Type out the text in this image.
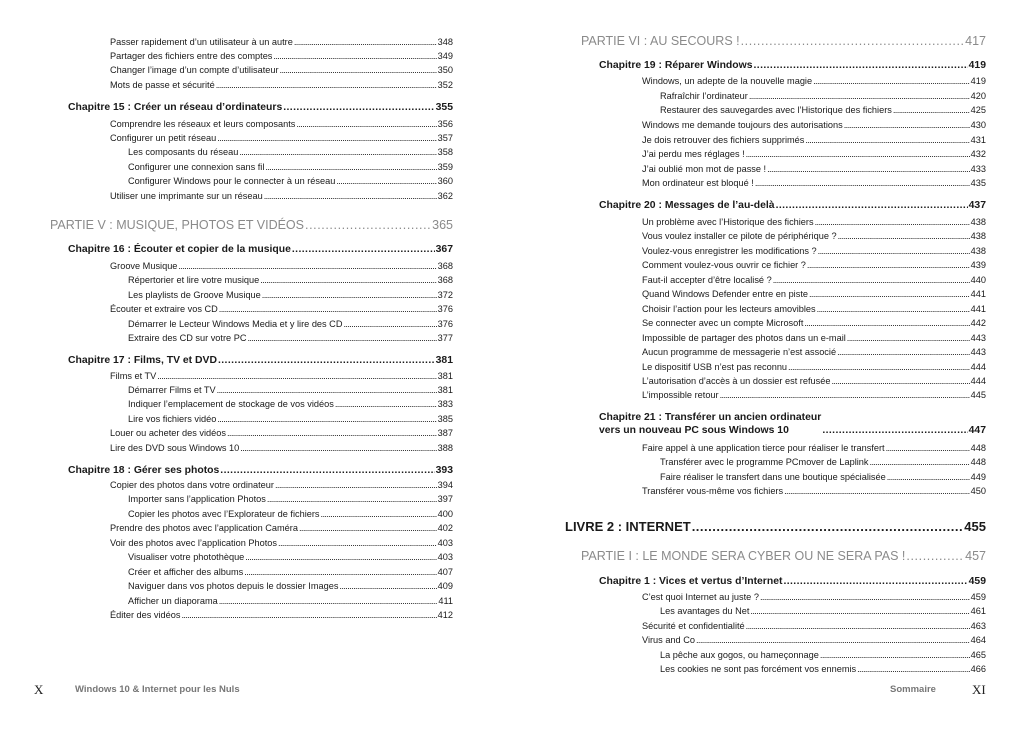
Passer rapidement d’un utilisateur à un autre .....	348
Partager des fichiers entre des comptes .....	349
Changer l’image d’un compte d’utilisateur .....	350
Mots de passe et sécurité .....	352
Chapitre 15 : Créer un réseau d’ordinateurs .....	355
Comprendre les réseaux et leurs composants .....	356
Configurer un petit réseau .....	357
Les composants du réseau .....	358
Configurer une connexion sans fil .....	359
Configurer Windows pour le connecter à un réseau .....	360
Utiliser une imprimante sur un réseau .....	362
PARTIE V : MUSIQUE, PHOTOS ET VIDÉOS .....	365
Chapitre 16 : Écouter et copier de la musique .....	367
Groove Musique .....	368
Répertorier et lire votre musique .....	368
Les playlists de Groove Musique .....	372
Écouter et extraire vos CD .....	376
Démarrer le Lecteur Windows Media et y lire des CD .....	376
Extraire des CD sur votre PC .....	377
Chapitre 17 : Films, TV et DVD .....	381
Films et TV .....	381
Démarrer Films et TV .....	381
Indiquer l’emplacement de stockage de vos vidéos .....	383
Lire vos fichiers vidéo .....	385
Louer ou acheter des vidéos .....	387
Lire des DVD sous Windows 10 .....	388
Chapitre 18 : Gérer ses photos .....	393
Copier des photos dans votre ordinateur .....	394
Importer sans l’application Photos .....	397
Copier les photos avec l’Explorateur de fichiers .....	400
Prendre des photos avec l’application Caméra .....	402
Voir des photos avec l’application Photos .....	403
Visualiser votre photothèque .....	403
Créer et afficher des albums .....	407
Naviguer dans vos photos depuis le dossier Images .....	409
Afficher un diaporama .....	411
Éditer des vidéos .....	412
PARTIE VI : AU SECOURS ! .....	417
Chapitre 19 : Réparer Windows .....	419
Windows, un adepte de la nouvelle magie .....	419
Rafraîchir l’ordinateur .....	420
Restaurer des sauvegardes avec l’Historique des fichiers .....	425
Windows me demande toujours des autorisations .....	430
Je dois retrouver des fichiers supprimés .....	431
J’ai perdu mes réglages ! .....	432
J’ai oublié mon mot de passe ! .....	433
Mon ordinateur est bloqué ! .....	435
Chapitre 20 : Messages de l’au-delà .....	437
Un problème avec l’Historique des fichiers .....	438
Vous voulez installer ce pilote de périphérique ? .....	438
Voulez-vous enregistrer les modifications ? .....	438
Comment voulez-vous ouvrir ce fichier ? .....	439
Faut-il accepter d’être localisé ? .....	440
Quand Windows Defender entre en piste .....	441
Choisir l’action pour les lecteurs amovibles .....	441
Se connecter avec un compte Microsoft .....	442
Impossible de partager des photos dans un e-mail .....	443
Aucun programme de messagerie n’est associé .....	443
Le dispositif USB n’est pas reconnu .....	444
L’autorisation d’accès à un dossier est refusée .....	444
L’impossible retour .....	445
Chapitre 21 : Transférer un ancien ordinateur
vers un nouveau PC sous Windows 10 .....	447
Faire appel à une application tierce pour réaliser le transfert .....	448
Transférer avec le programme PCmover de Laplink .....	448
Faire réaliser le transfert dans une boutique spécialisée .....	449
Transférer vous-même vos fichiers .....	450
LIVRE 2 : INTERNET .....	455
PARTIE I : LE MONDE SERA CYBER OU NE SERA PAS ! .....	457
Chapitre 1 : Vices et vertus d’Internet .....	459
C’est quoi Internet au juste ? .....	459
Les avantages du Net .....	461
Sécurité et confidentialité .....	463
Virus and Co .....	464
La pêche aux gogos, ou hameçonnage .....	465
Les cookies ne sont pas forcément vos ennemis .....	466
X	Windows 10 & Internet pour les Nuls	Sommaire	XI
